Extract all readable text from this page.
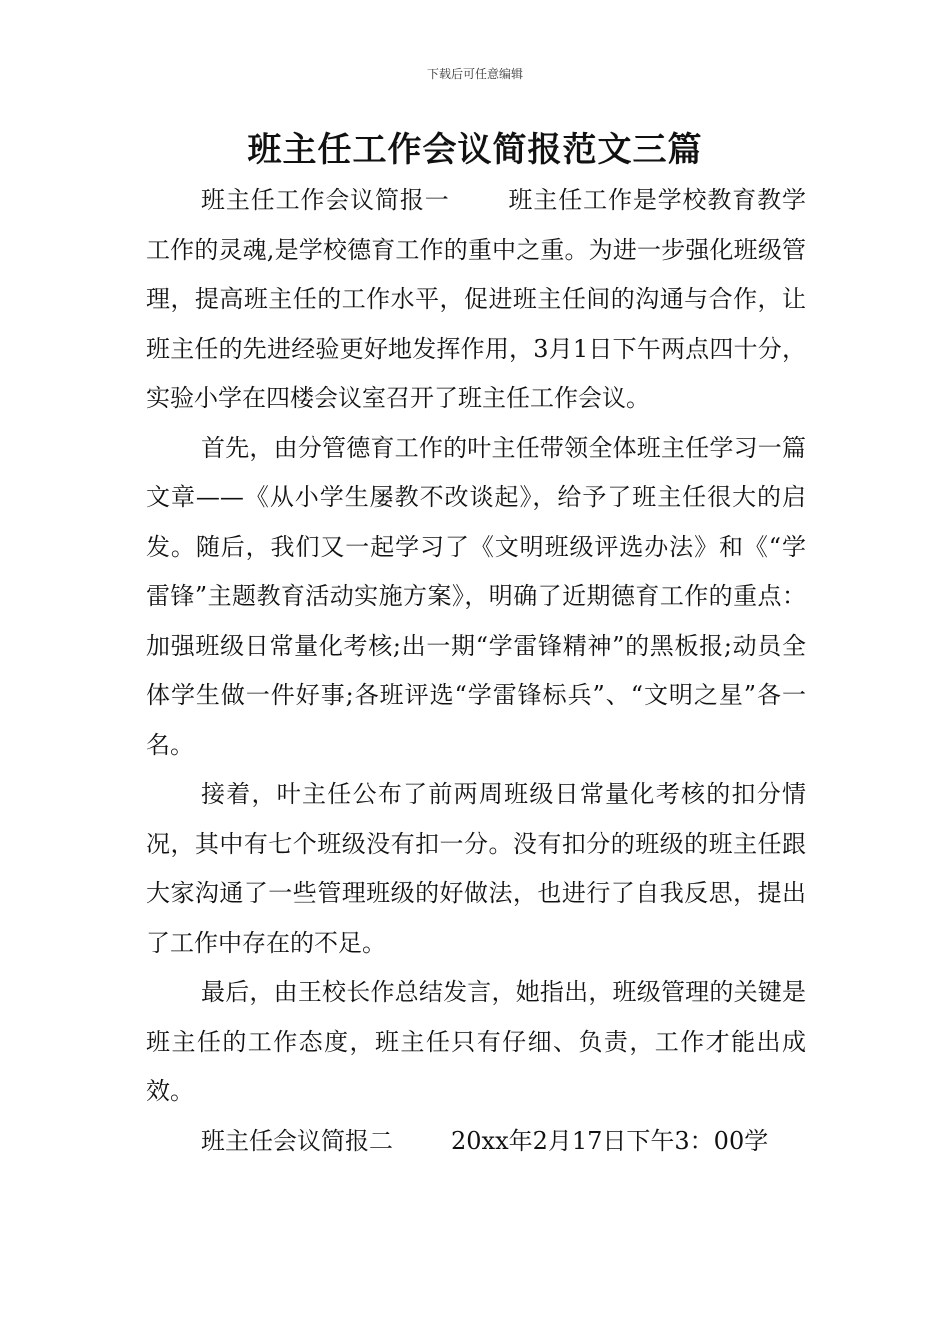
下载后可任意编辑
班主任工作会议简报范文三篇

班主任工作会议简报一 班主任工作是学校教育教学工作的灵魂,是学校德育工作的重中之重。为进一步强化班级管理，提高班主任的工作水平，促进班主任间的沟通与合作，让班主任的先进经验更好地发挥作用，3月1日下午两点四十分，实验小学在四楼会议室召开了班主任工作会议。

首先，由分管德育工作的叶主任带领全体班主任学习一篇文章——《从小学生屡教不改谈起》，给予了班主任很大的启发。随后，我们又一起学习了《文明班级评选办法》和《“学雷锋”主题教育活动实施方案》，明确了近期德育工作的重点：加强班级日常量化考核;出一期“学雷锋精神”的黑板报;动员全体学生做一件好事;各班评选“学雷锋标兵”、“文明之星”各一名。

接着，叶主任公布了前两周班级日常量化考核的扣分情况，其中有七个班级没有扣一分。没有扣分的班级的班主任跟大家沟通了一些管理班级的好做法，也进行了自我反思，提出了工作中存在的不足。

最后，由王校长作总结发言，她指出，班级管理的关键是班主任的工作态度，班主任只有仔细、负责，工作才能出成效。

班主任会议简报二 20xx年2月17日下午3：00学
